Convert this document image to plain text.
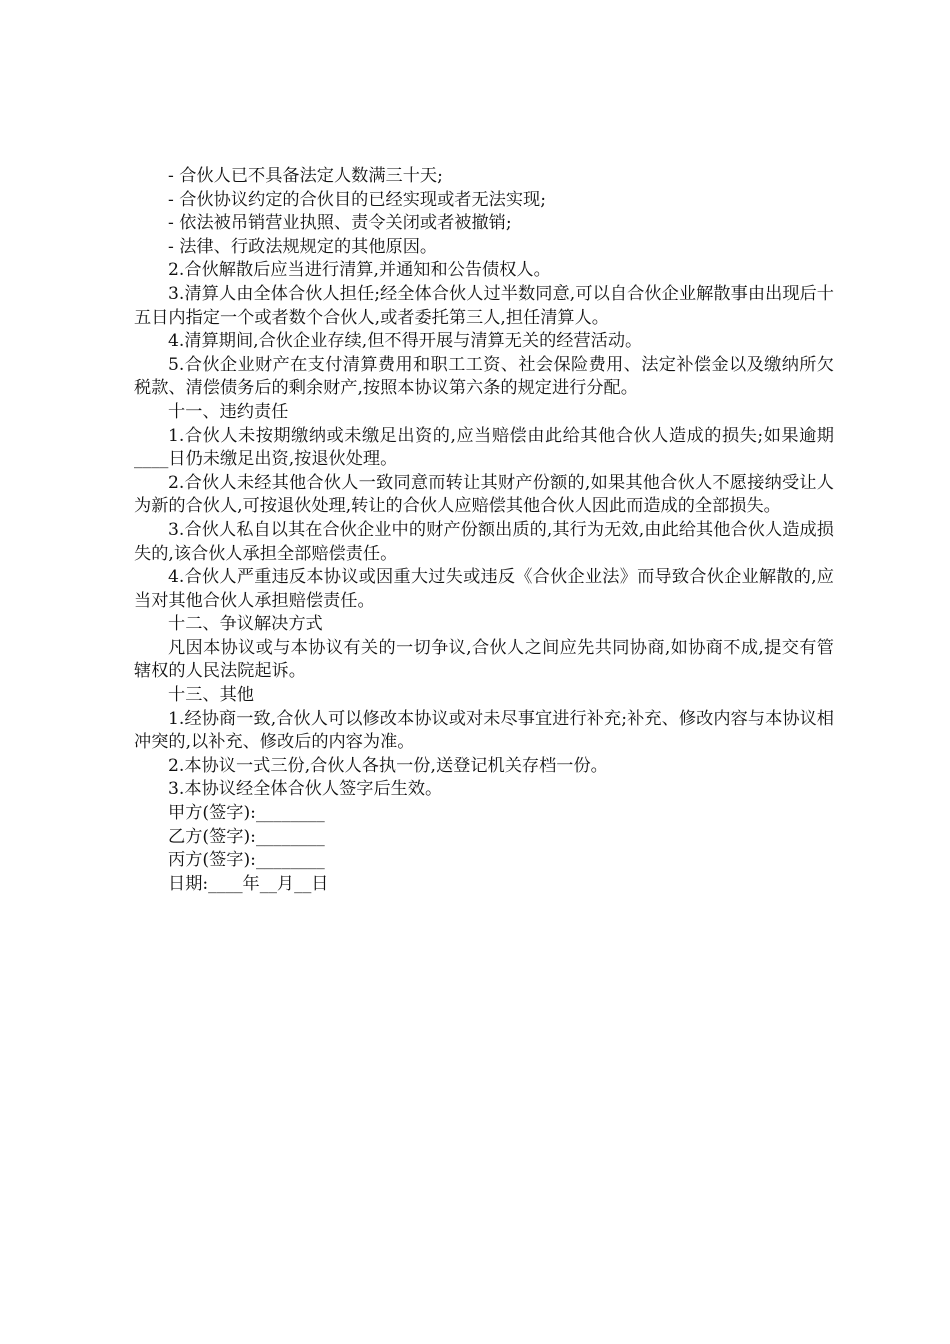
- 合伙人已不具备法定人数满三十天;

- 合伙协议约定的合伙目的已经实现或者无法实现;

- 依法被吊销营业执照、责令关闭或者被撤销;

- 法律、行政法规规定的其他原因。

2.合伙解散后应当进行清算,并通知和公告债权人。

3.清算人由全体合伙人担任;经全体合伙人过半数同意,可以自合伙企业解散事由出现后十五日内指定一个或者数个合伙人,或者委托第三人,担任清算人。

4.清算期间,合伙企业存续,但不得开展与清算无关的经营活动。

5.合伙企业财产在支付清算费用和职工工资、社会保险费用、法定补偿金以及缴纳所欠税款、清偿债务后的剩余财产,按照本协议第六条的规定进行分配。

十一、违约责任

1.合伙人未按期缴纳或未缴足出资的,应当赔偿由此给其他合伙人造成的损失;如果逾期____日仍未缴足出资,按退伙处理。

2.合伙人未经其他合伙人一致同意而转让其财产份额的,如果其他合伙人不愿接纳受让人为新的合伙人,可按退伙处理,转让的合伙人应赔偿其他合伙人因此而造成的全部损失。

3.合伙人私自以其在合伙企业中的财产份额出质的,其行为无效,由此给其他合伙人造成损失的,该合伙人承担全部赔偿责任。

4.合伙人严重违反本协议或因重大过失或违反《合伙企业法》而导致合伙企业解散的,应当对其他合伙人承担赔偿责任。

十二、争议解决方式

凡因本协议或与本协议有关的一切争议,合伙人之间应先共同协商,如协商不成,提交有管辖权的人民法院起诉。

十三、其他

1.经协商一致,合伙人可以修改本协议或对未尽事宜进行补充;补充、修改内容与本协议相冲突的,以补充、修改后的内容为准。

2.本协议一式三份,合伙人各执一份,送登记机关存档一份。

3.本协议经全体合伙人签字后生效。

甲方(签字):________

乙方(签字):________

丙方(签字):________

日期:____年__月__日
